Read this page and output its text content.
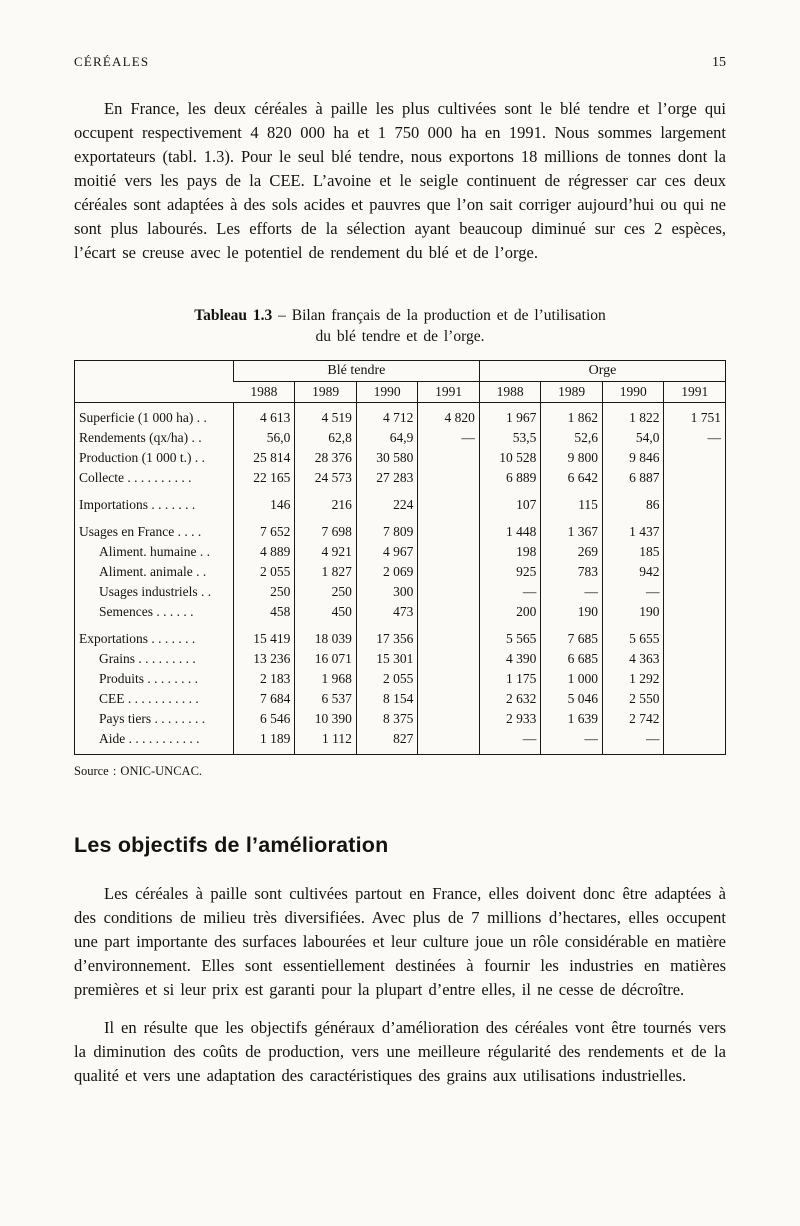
CÉRÉALES	15

En France, les deux céréales à paille les plus cultivées sont le blé tendre et l’orge qui occupent respectivement 4 820 000 ha et 1 750 000 ha en 1991. Nous sommes largement exportateurs (tabl. 1.3). Pour le seul blé tendre, nous exportons 18 millions de tonnes dont la moitié vers les pays de la CEE. L’avoine et le seigle continuent de régresser car ces deux céréales sont adaptées à des sols acides et pauvres que l’on sait corriger aujourd’hui ou qui ne sont plus labourés. Les efforts de la sélection ayant beaucoup diminué sur ces 2 espèces, l’écart se creuse avec le potentiel de rendement du blé et de l’orge.

Tableau 1.3 – Bilan français de la production et de l’utilisation
du blé tendre et de l’orge.
	Blé tendre				Orge			
	1988	1989	1990	1991	1988	1989	1990	1991
Superficie (1 000 ha) . .	4 613	4 519	4 712	4 820	1 967	1 862	1 822	1 751
Rendements (qx/ha) . .	56,0	62,8	64,9	—	53,5	52,6	54,0	—
Production (1 000 t.) . .	25 814	28 376	30 580		10 528	9 800	9 846	
Collecte . . . . . . . . . .	22 165	24 573	27 283		6 889	6 642	6 887	
Importations . . . . . . .	146	216	224		107	115	86	
Usages en France . . . .	7 652	7 698	7 809		1 448	1 367	1 437	
Aliment. humaine . .	4 889	4 921	4 967		198	269	185	
Aliment. animale . .	2 055	1 827	2 069		925	783	942	
Usages industriels . .	250	250	300		—	—	—	
Semences . . . . . .	458	450	473		200	190	190	
Exportations . . . . . . .	15 419	18 039	17 356		5 565	7 685	5 655	
Grains . . . . . . . . .	13 236	16 071	15 301		4 390	6 685	4 363	
Produits . . . . . . . .	2 183	1 968	2 055		1 175	1 000	1 292	
CEE . . . . . . . . . . .	7 684	6 537	8 154		2 632	5 046	2 550	
Pays tiers . . . . . . . .	6 546	10 390	8 375		2 933	1 639	2 742	
Aide . . . . . . . . . . .	1 189	1 112	827		—	—	—	
Source : ONIC-UNCAC.
Les objectifs de l’amélioration

Les céréales à paille sont cultivées partout en France, elles doivent donc être adaptées à des conditions de milieu très diversifiées. Avec plus de 7 millions d’hectares, elles occupent une part importante des surfaces labourées et leur culture joue un rôle considérable en matière d’environnement. Elles sont essentiellement destinées à fournir les industries en matières premières et si leur prix est garanti pour la plupart d’entre elles, il ne cesse de décroître.

Il en résulte que les objectifs généraux d’amélioration des céréales vont être tournés vers la diminution des coûts de production, vers une meilleure régularité des rendements et de la qualité et vers une adaptation des caractéristiques des grains aux utilisations industrielles.
